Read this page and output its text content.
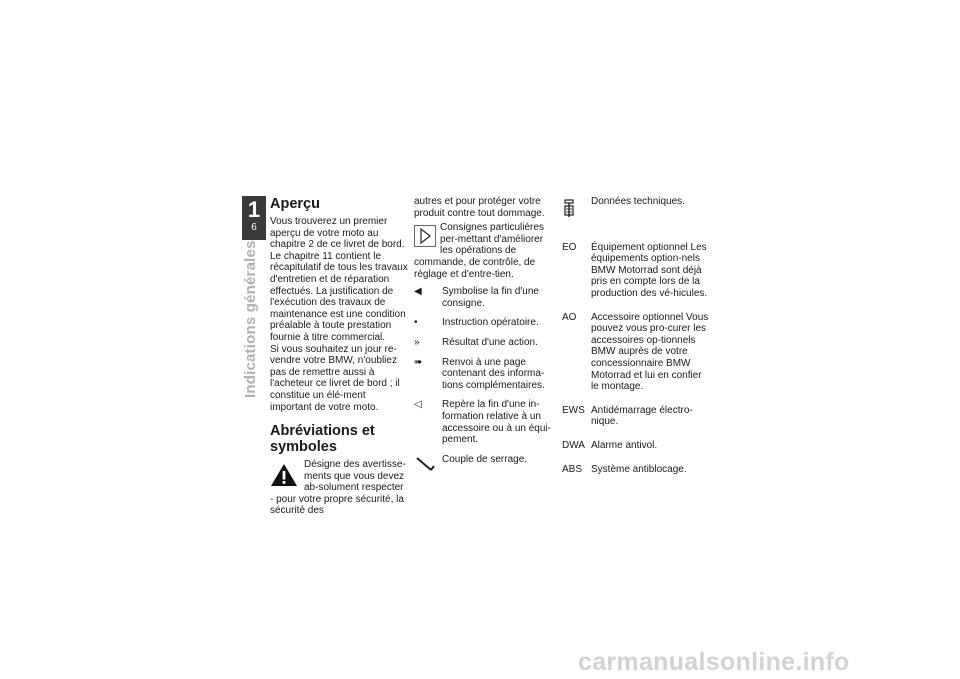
1
6
Indications générales
Aperçu

Vous trouverez un premier aperçu de votre moto au chapitre 2 de ce livret de bord. Le chapitre 11 contient le récapitulatif de tous les travaux d'entretien et de réparation effectués. La justification de l'exécution des travaux de maintenance est une condition préalable à toute prestation fournie à titre commercial.

Si vous souhaitez un jour re-vendre votre BMW, n'oubliez pas de remettre aussi à l'acheteur ce livret de bord ; il constitue un élé-ment important de votre moto.

Abréviations et symboles

Désigne des avertisse-ments que vous devez ab-solument respecter - pour votre propre sécurité, la sécurité des

autres et pour protéger votre produit contre tout dommage.

Consignes particulières per-mettant d'améliorer les opérations de commande, de contrôle, de réglage et d'entre-tien.

◀	Symbolise la fin d'une consigne.
•	Instruction opératoire.
»	Résultat d'une action.
➠	Renvoi à une page contenant des informa-tions complémentaires.
◁	Repère la fin d'une in-formation relative à un accessoire ou à un équi-pement.
Couple de serrage.
Données techniques.
EO	Équipement optionnel Les équipements option-nels BMW Motorrad sont déjà pris en compte lors de la production des vé-hicules.
AO	Accessoire optionnel Vous pouvez vous pro-curer les accessoires op-tionnels BMW auprès de votre concessionnaire BMW Motorrad et lui en confier le montage.
EWS Antidémarrage électro-nique.
DWA Alarme antivol.
ABS Système antiblocage.
carmanualsonline.info
